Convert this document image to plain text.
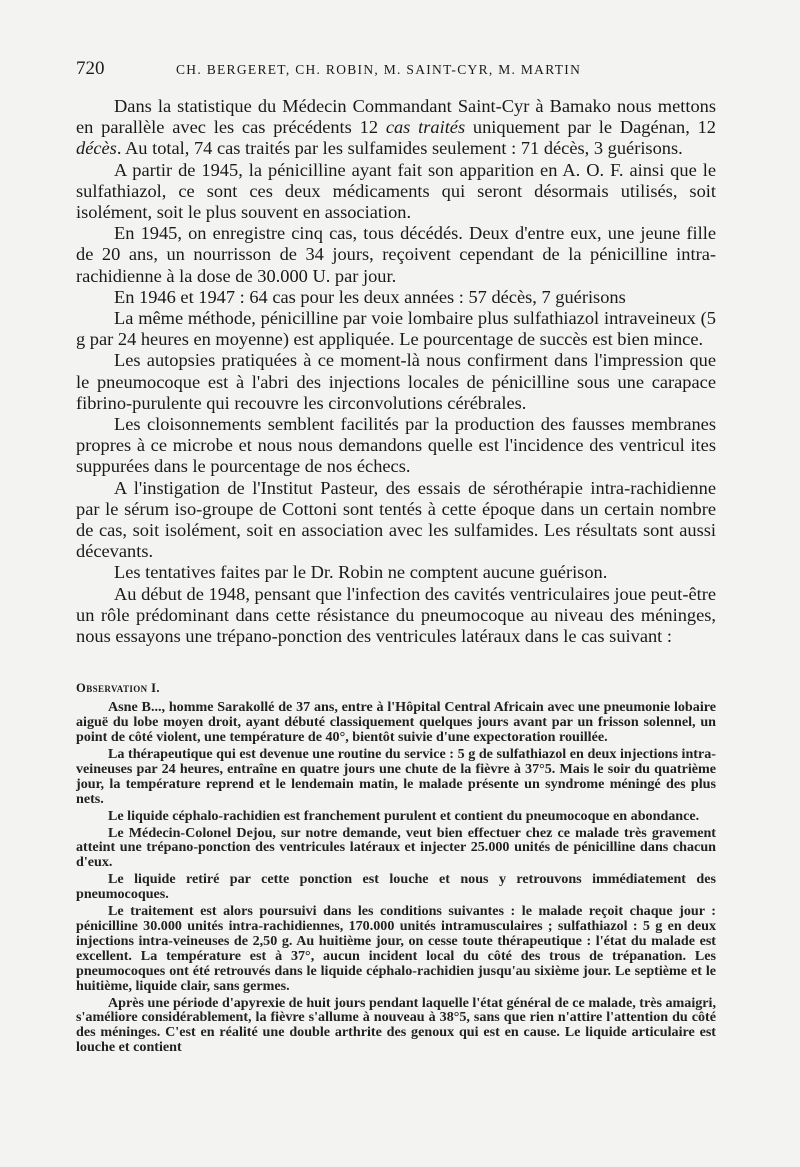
720	CH. BERGERET, CH. ROBIN, M. SAINT-CYR, M. MARTIN

Dans la statistique du Médecin Commandant Saint-Cyr à Bamako nous mettons en parallèle avec les cas précédents 12 cas traités uniquement par le Dagénan, 12 décès. Au total, 74 cas traités par les sulfamides seulement : 71 décès, 3 guérisons.

A partir de 1945, la pénicilline ayant fait son apparition en A. O. F. ainsi que le sulfathiazol, ce sont ces deux médicaments qui seront désormais utilisés, soit isolément, soit le plus souvent en association.

En 1945, on enregistre cinq cas, tous décédés. Deux d'entre eux, une jeune fille de 20 ans, un nourrisson de 34 jours, reçoivent cependant de la pénicilline intra-rachidienne à la dose de 30.000 U. par jour.

En 1946 et 1947 : 64 cas pour les deux années : 57 décès, 7 guérisons

La même méthode, pénicilline par voie lombaire plus sulfathiazol intraveineux (5 g par 24 heures en moyenne) est appliquée. Le pourcentage de succès est bien mince.

Les autopsies pratiquées à ce moment-là nous confirment dans l'impression que le pneumocoque est à l'abri des injections locales de pénicilline sous une carapace fibrino-purulente qui recouvre les circonvolutions cérébrales.

Les cloisonnements semblent facilités par la production des fausses membranes propres à ce microbe et nous nous demandons quelle est l'incidence des ventricul ites suppurées dans le pourcentage de nos échecs.

A l'instigation de l'Institut Pasteur, des essais de sérothérapie intra-rachidienne par le sérum iso-groupe de Cottoni sont tentés à cette époque dans un certain nombre de cas, soit isolément, soit en association avec les sulfamides. Les résultats sont aussi décevants.

Les tentatives faites par le Dr. Robin ne comptent aucune guérison.

Au début de 1948, pensant que l'infection des cavités ventriculaires joue peut-être un rôle prédominant dans cette résistance du pneumocoque au niveau des méninges, nous essayons une trépano-ponction des ventricules latéraux dans le cas suivant :

Observation I.

Asne B..., homme Sarakollé de 37 ans, entre à l'Hôpital Central Africain avec une pneumonie lobaire aiguë du lobe moyen droit, ayant débuté classiquement quelques jours avant par un frisson solennel, un point de côté violent, une température de 40°, bientôt suivie d'une expectoration rouillée.

La thérapeutique qui est devenue une routine du service : 5 g de sulfathiazol en deux injections intra-veineuses par 24 heures, entraîne en quatre jours une chute de la fièvre à 37°5. Mais le soir du quatrième jour, la température reprend et le lendemain matin, le malade présente un syndrome méningé des plus nets.

Le liquide céphalo-rachidien est franchement purulent et contient du pneumocoque en abondance.

Le Médecin-Colonel Dejou, sur notre demande, veut bien effectuer chez ce malade très gravement atteint une trépano-ponction des ventricules latéraux et injecter 25.000 unités de pénicilline dans chacun d'eux.

Le liquide retiré par cette ponction est louche et nous y retrouvons immédiatement des pneumocoques.

Le traitement est alors poursuivi dans les conditions suivantes : le malade reçoit chaque jour : pénicilline 30.000 unités intra-rachidiennes, 170.000 unités intramusculaires ; sulfathiazol : 5 g en deux injections intra-veineuses de 2,50 g. Au huitième jour, on cesse toute thérapeutique : l'état du malade est excellent. La température est à 37°, aucun incident local du côté des trous de trépanation. Les pneumocoques ont été retrouvés dans le liquide céphalo-rachidien jusqu'au sixième jour. Le septième et le huitième, liquide clair, sans germes.

Après une période d'apyrexie de huit jours pendant laquelle l'état général de ce malade, très amaigri, s'améliore considérablement, la fièvre s'allume à nouveau à 38°5, sans que rien n'attire l'attention du côté des méninges. C'est en réalité une double arthrite des genoux qui est en cause. Le liquide articulaire est louche et contient
